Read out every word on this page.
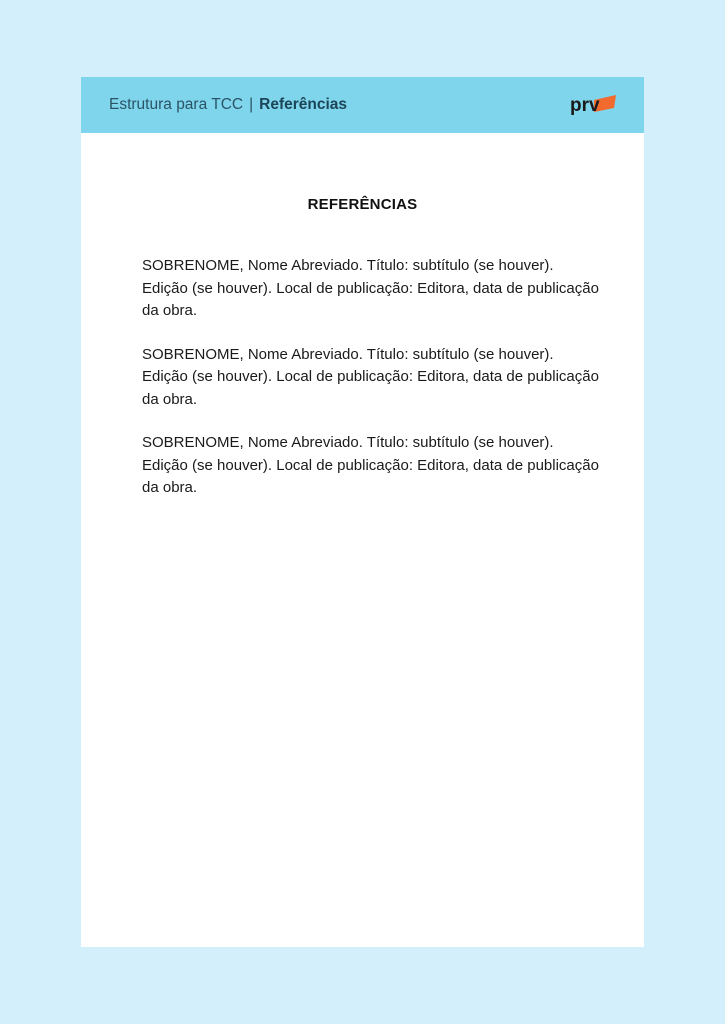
Estrutura para TCC | Referências	prv
REFERÊNCIAS
SOBRENOME, Nome Abreviado. Título: subtítulo (se houver). Edição (se houver). Local de publicação: Editora, data de publicação da obra.
SOBRENOME, Nome Abreviado. Título: subtítulo (se houver). Edição (se houver). Local de publicação: Editora, data de publicação da obra.
SOBRENOME, Nome Abreviado. Título: subtítulo (se houver). Edição (se houver). Local de publicação: Editora, data de publicação da obra.
